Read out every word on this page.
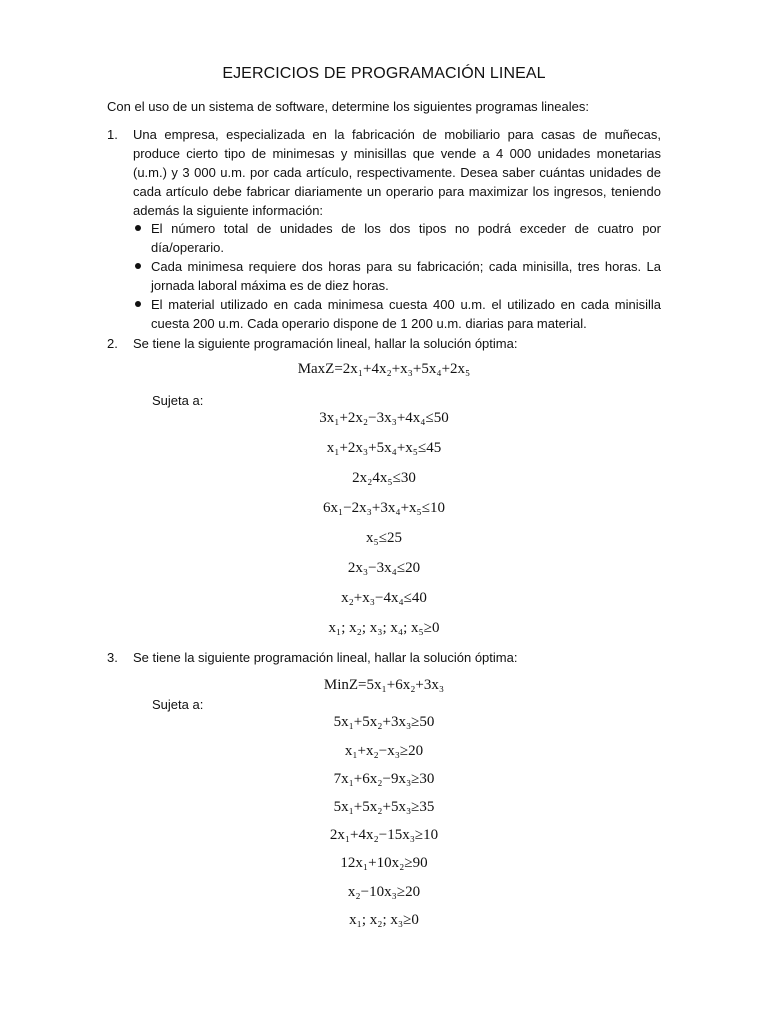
EJERCICIOS DE PROGRAMACIÓN LINEAL

Con el uso de un sistema de software, determine los siguientes programas lineales:

1. Una empresa, especializada en la fabricación de mobiliario para casas de muñecas, produce cierto tipo de minimesas y minisillas que vende a 4 000 unidades monetarias (u.m.) y 3 000 u.m. por cada artículo, respectivamente. Desea saber cuántas unidades de cada artículo debe fabricar diariamente un operario para maximizar los ingresos, teniendo además la siguiente información:

El número total de unidades de los dos tipos no podrá exceder de cuatro por día/operario.
Cada minimesa requiere dos horas para su fabricación; cada minisilla, tres horas. La jornada laboral máxima es de diez horas.
El material utilizado en cada minimesa cuesta 400 u.m. el utilizado en cada minisilla cuesta 200 u.m. Cada operario dispone de 1 200 u.m. diarias para material.
2. Se tiene la siguiente programación lineal, hallar la solución óptima:

MaxZ=2x₁+4x₂+x₃+5x₄+2x₅
Sujeta a:
3x₁+2x₂−3x₃+4x₄≤50
x₁+2x₃+5x₄+x₅≤45
2x₂4x₅≤30
6x₁−2x₃+3x₄+x₅≤10
x₅≤25
2x₃−3x₄≤20
x₂+x₃−4x₄≤40
x₁; x₂; x₃; x₄; x₅≥0
3. Se tiene la siguiente programación lineal, hallar la solución óptima:

MinZ=5x₁+6x₂+3x₃
Sujeta a:
5x₁+5x₂+3x₃≥50
x₁+x₂−x₃≥20
7x₁+6x₂−9x₃≥30
5x₁+5x₂+5x₃≥35
2x₁+4x₂−15x₃≥10
12x₁+10x₂≥90
x₂−10x₃≥20
x₁; x₂; x₃≥0
